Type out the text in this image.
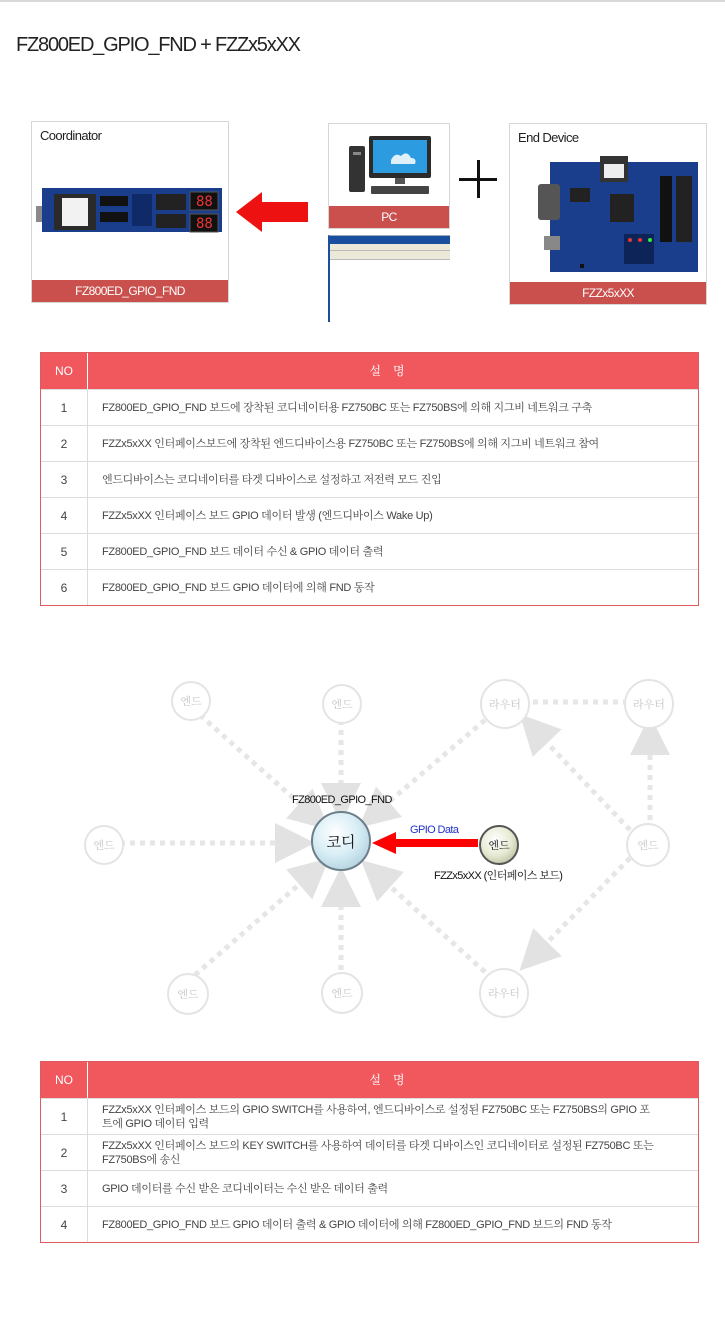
FZ800ED_GPIO_FND + FZZx5xXX
Coordinator
88
88
FZ800ED_GPIO_FND
PC
End Device
FZZx5xXX
NO	설명
1	FZ800ED_GPIO_FND 보드에 장착된 코디네이터용 FZ750BC 또는 FZ750BS에 의해 지그비 네트워크 구축
2	FZZx5xXX 인터페이스보드에 장착된 엔드디바이스용 FZ750BC 또는 FZ750BS에 의해 지그비 네트워크 참여
3	엔드디바이스는 코디네이터를 타겟 디바이스로 설정하고 저전력 모드 진입
4	FZZx5xXX 인터페이스 보드 GPIO 데이터 발생 (엔드디바이스 Wake Up)
5	FZ800ED_GPIO_FND 보드 데이터 수신 & GPIO 데이터 출력
6	FZ800ED_GPIO_FND 보드 GPIO 데이터에 의해 FND 동작
엔드	엔드	라우터	라우터
엔드	엔드
엔드	엔드	라우터
FZ800ED_GPIO_FND
코디
GPIO Data
엔드
FZZx5xXX (인터페이스 보드)
NO	설명
1	FZZx5xXX 인터페이스 보드의 GPIO SWITCH를 사용하여, 엔드디바이스로 설정된 FZ750BC 또는 FZ750BS의 GPIO 포트에 GPIO 데이터 입력
2	FZZx5xXX 인터페이스 보드의 KEY SWITCH를 사용하여 데이터를 타겟 디바이스인 코디네이터로 설정된 FZ750BC 또는 FZ750BS에 송신
3	GPIO 데이터를 수신 받은 코디네이터는 수신 받은 데이터 출력
4	FZ800ED_GPIO_FND 보드 GPIO 데이터 출력 & GPIO 데이터에 의해 FZ800ED_GPIO_FND 보드의 FND 동작
